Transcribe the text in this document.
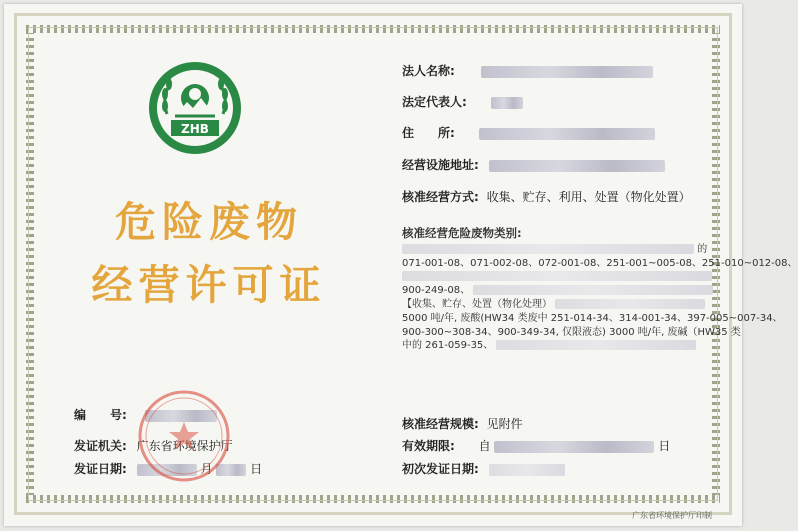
ZHB
危险废物
经营许可证
法人名称:
法定代表人:
住　　所:
经营设施地址:
核准经营方式: 收集、贮存、利用、处置（物化处置）
核准经营危险废物类别:
的
071-001-08、071-002-08、072-001-08、251-001~005-08、251-010~012-08、
900-249-08、
【收集、贮存、处置（物化处理）
5000 吨/年, 废酸(HW34 类废中 251-014-34、314-001-34、397-005~007-34、
900-300~308-34、900-349-34, 仅限液态) 3000 吨/年, 废碱（HW35 类
中的 261-059-35、
编　　号:
发证机关: 广东省环境保护厅
发证日期:	月	日
核准经营规模: 见附件
有效期限: 自	日
初次发证日期:
广东省环境保护厅印制
